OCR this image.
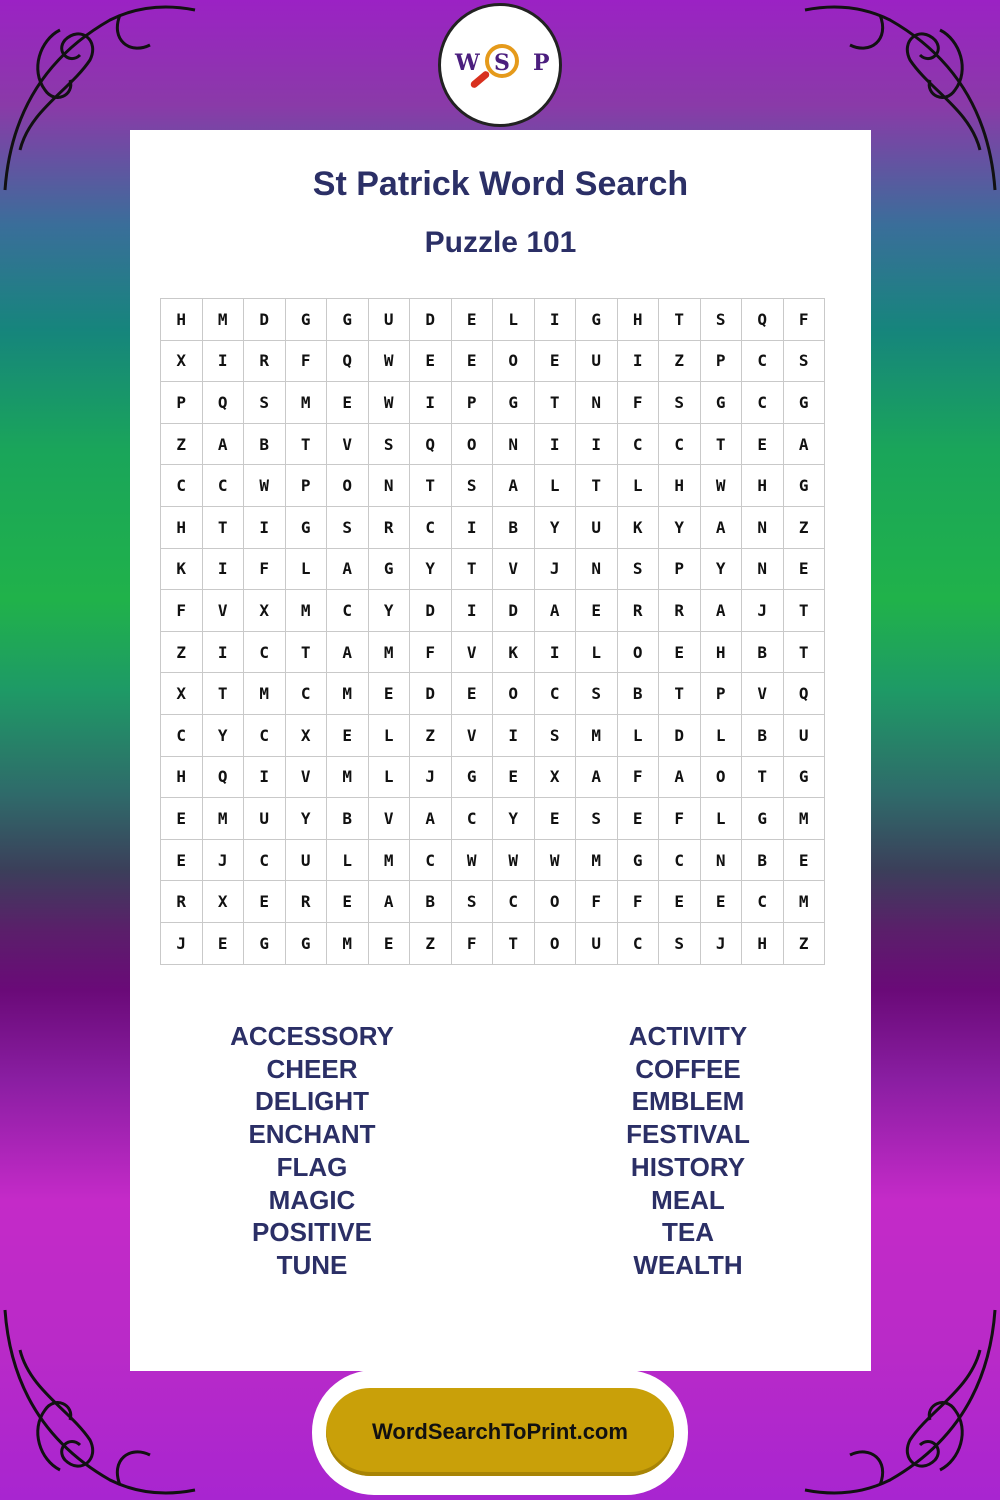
W S P
St Patrick Word Search
Puzzle 101
H	M	D	G	G	U	D	E	L	I	G	H	T	S	Q	F
X	I	R	F	Q	W	E	E	O	E	U	I	Z	P	C	S
P	Q	S	M	E	W	I	P	G	T	N	F	S	G	C	G
Z	A	B	T	V	S	Q	O	N	I	I	C	C	T	E	A
C	C	W	P	O	N	T	S	A	L	T	L	H	W	H	G
H	T	I	G	S	R	C	I	B	Y	U	K	Y	A	N	Z
K	I	F	L	A	G	Y	T	V	J	N	S	P	Y	N	E
F	V	X	M	C	Y	D	I	D	A	E	R	R	A	J	T
Z	I	C	T	A	M	F	V	K	I	L	O	E	H	B	T
X	T	M	C	M	E	D	E	O	C	S	B	T	P	V	Q
C	Y	C	X	E	L	Z	V	I	S	M	L	D	L	B	U
H	Q	I	V	M	L	J	G	E	X	A	F	A	O	T	G
E	M	U	Y	B	V	A	C	Y	E	S	E	F	L	G	M
E	J	C	U	L	M	C	W	W	W	M	G	C	N	B	E
R	X	E	R	E	A	B	S	C	O	F	F	E	E	C	M
J	E	G	G	M	E	Z	F	T	O	U	C	S	J	H	Z
ACCESSORY
CHEER
DELIGHT
ENCHANT
FLAG
MAGIC
POSITIVE
TUNE
ACTIVITY
COFFEE
EMBLEM
FESTIVAL
HISTORY
MEAL
TEA
WEALTH
WordSearchToPrint.com
